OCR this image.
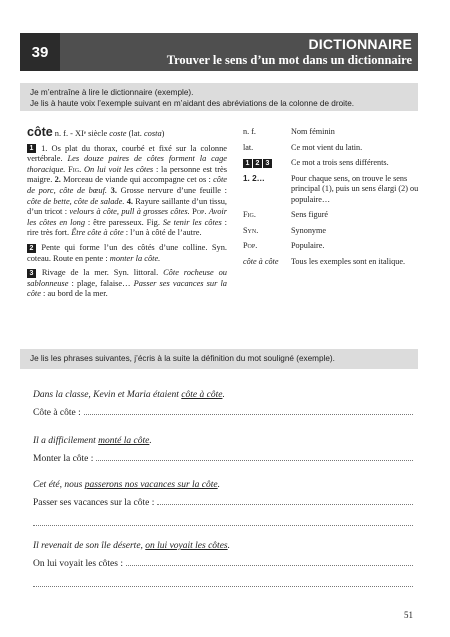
39	DICTIONNAIRE
Trouver le sens d’un mot dans un dictionnaire
Je m’entraîne à lire le dictionnaire (exemple).
Je lis à haute voix l’exemple suivant en m’aidant des abréviations de la colonne de droite.

côte n. f. - XIᵉ siècle coste (lat. costa)

1 1. Os plat du thorax, courbé et fixé sur la colonne vertébrale. Les douze paires de côtes forment la cage thoracique. Fig. On lui voit les côtes : la personne est très maigre. 2. Morceau de viande qui accompagne cet os : côte de porc, côte de bœuf. 3. Grosse nervure d’une feuille : côte de bette, côte de salade. 4. Rayure saillante d’un tissu, d’un tricot : velours à côte, pull à grosses côtes. Pop. Avoir les côtes en long : être paresseux. Fig. Se tenir les côtes : rire très fort. Être côte à côte : l’un à côté de l’autre.

2 Pente qui forme l’un des côtés d’une colline. Syn. coteau. Route en pente : monter la côte.

3 Rivage de la mer. Syn. littoral. Côte rocheuse ou sablonneuse : plage, falaise… Passer ses vacances sur la côte : au bord de la mer.

n. f.	Nom féminin
lat.	Ce mot vient du latin.
1 2 3	Ce mot a trois sens différents.
1. 2…	Pour chaque sens, on trouve le sens principal (1), puis un sens élargi (2) ou populaire…
Fig.	Sens figuré
Syn.	Synonyme
Pop.	Populaire.
côte à côte	Tous les exemples sont en italique.
Je lis les phrases suivantes, j’écris à la suite la définition du mot souligné (exemple).
Dans la classe, Kevin et Maria étaient côte à côte.
Côte à côte :
Il a difficilement monté la côte.
Monter la côte :
Cet été, nous passerons nos vacances sur la côte.
Passer ses vacances sur la côte :
Il revenait de son île déserte, on lui voyait les côtes.
On lui voyait les côtes :
51
